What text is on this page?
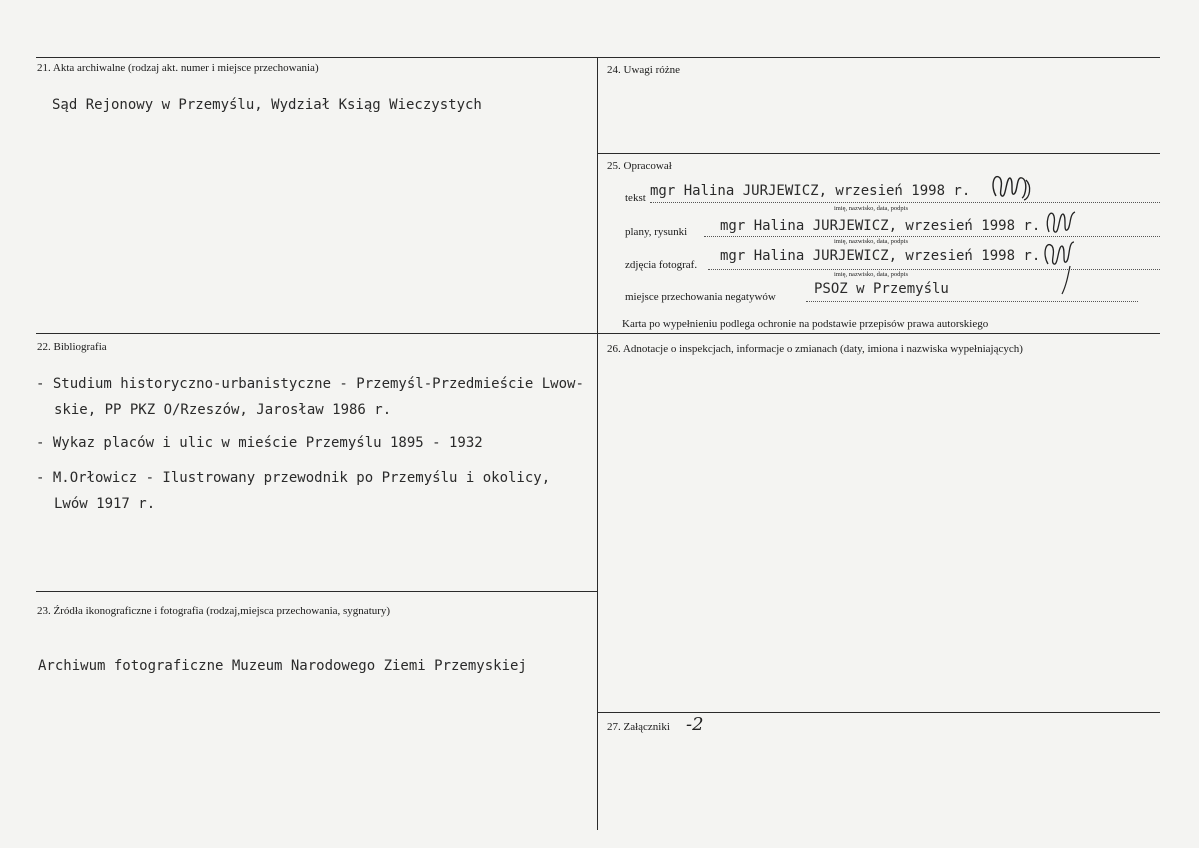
21. Akta archiwalne (rodzaj akt. numer i miejsce przechowania)
Sąd Rejonowy w Przemyślu, Wydział Ksiąg Wieczystych
22. Bibliografia
- Studium historyczno-urbanistyczne - Przemyśl-Przedmieście Lwow-
skie, PP PKZ O/Rzeszów, Jarosław 1986 r.
- Wykaz placów i ulic w mieście Przemyślu 1895 - 1932
- M.Orłowicz - Ilustrowany przewodnik po Przemyślu i okolicy,
Lwów 1917 r.
23. Źródła ikonograficzne i fotografia (rodzaj,miejsca przechowania, sygnatury)
Archiwum fotograficzne Muzeum Narodowego Ziemi Przemyskiej
24. Uwagi różne
25. Opracował
tekst mgr Halina JURJEWICZ, wrzesień 1998 r.
imię, nazwisko, data, podpis
plany, rysunki mgr Halina JURJEWICZ, wrzesień 1998 r.
imię, nazwisko, data, podpis
zdjęcia fotograf.
mgr Halina JURJEWICZ, wrzesień 1998 r.
imię, nazwisko, data, podpis
miejsce przechowania negatywów	PSOZ w Przemyślu
Karta po wypełnieniu podlega ochronie na podstawie przepisów prawa autorskiego
26. Adnotacje o inspekcjach, informacje o zmianach (daty, imiona i nazwiska wypełniających)
27. Załączniki -2
